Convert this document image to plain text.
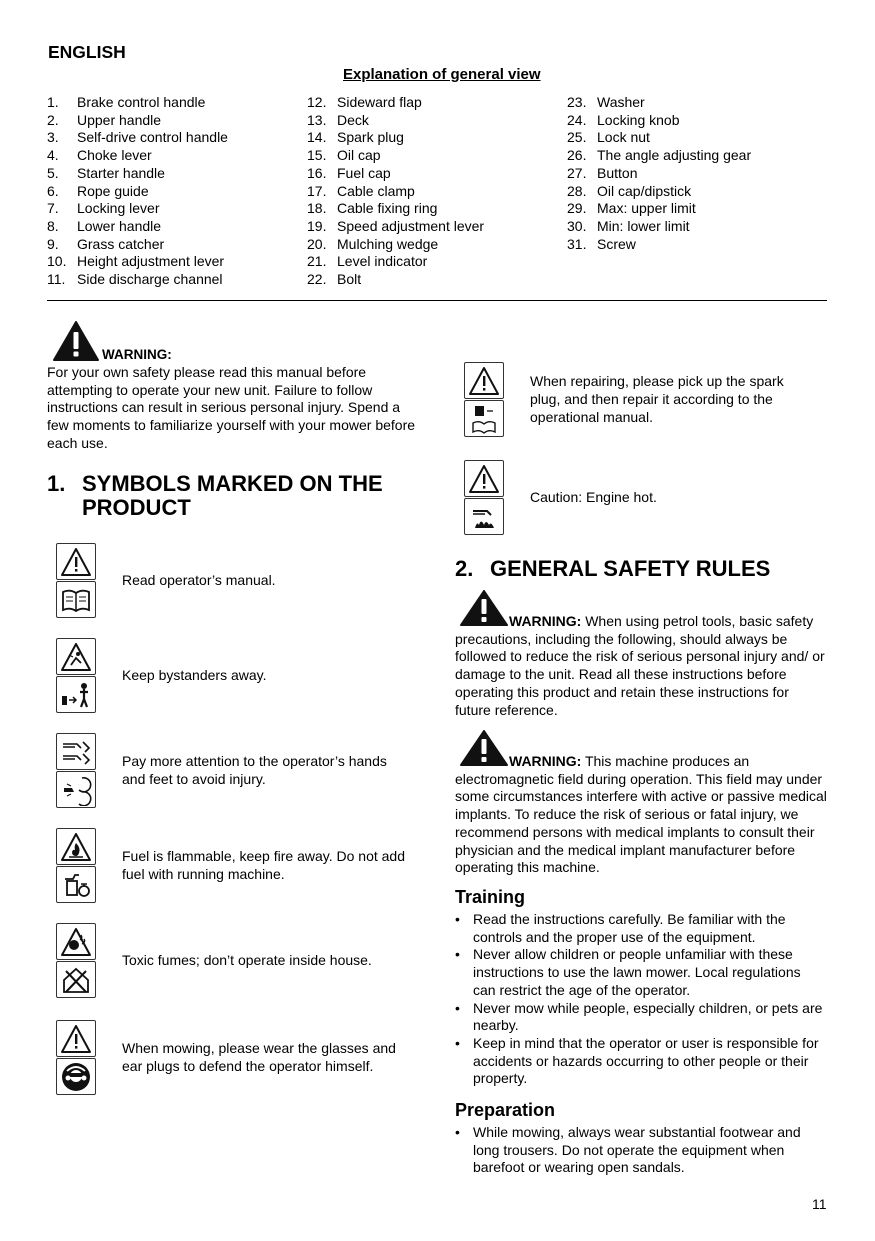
ENGLISH
Explanation of general view
1.	Brake control handle
2.	Upper handle
3.	Self-drive control handle
4.	Choke lever
5.	Starter handle
6.	Rope guide
7.	Locking lever
8.	Lower handle
9.	Grass catcher
10. Height adjustment lever
11. Side discharge channel
12. Sideward flap
13. Deck
14. Spark plug
15. Oil cap
16. Fuel cap
17. Cable clamp
18. Cable fixing ring
19. Speed adjustment lever
20. Mulching wedge
21. Level indicator
22. Bolt
23. Washer
24. Locking knob
25. Lock nut
26. The angle adjusting gear
27. Button
28. Oil cap/dipstick
29. Max: upper limit
30. Min: lower limit
31. Screw
WARNING:
For your own safety please read this manual before attempting to operate your new unit. Failure to follow instructions can result in serious personal injury. Spend a few moments to familiarize yourself with your mower before each use.
1. SYMBOLS MARKED ON THE PRODUCT
Read operator’s manual.
Keep bystanders away.
Pay more attention to the operator’s hands and feet to avoid injury.
Fuel is flammable, keep fire away. Do not add fuel with running machine.
Toxic fumes; don’t operate inside house.
When mowing, please wear the glasses and ear plugs to defend the operator himself.
When repairing, please pick up the spark plug, and then repair it according to the operational manual.
Caution: Engine hot.
2. GENERAL SAFETY RULES
WARNING: When using petrol tools, basic safety precautions, including the following, should always be followed to reduce the risk of serious personal injury and/ or damage to the unit. Read all these instructions before operating this product and retain these instructions for future reference.
WARNING: This machine produces an electromagnetic field during operation. This field may under some circumstances interfere with active or passive medical implants. To reduce the risk of serious or fatal injury, we recommend persons with medical implants to consult their physician and the medical implant manufacturer before operating this machine.
Training
• Read the instructions carefully. Be familiar with the controls and the proper use of the equipment.
• Never allow children or people unfamiliar with these instructions to use the lawn mower. Local regulations can restrict the age of the operator.
• Never mow while people, especially children, or pets are nearby.
• Keep in mind that the operator or user is responsible for accidents or hazards occurring to other people or their property.
Preparation
• While mowing, always wear substantial footwear and long trousers. Do not operate the equipment when barefoot or wearing open sandals.
11
